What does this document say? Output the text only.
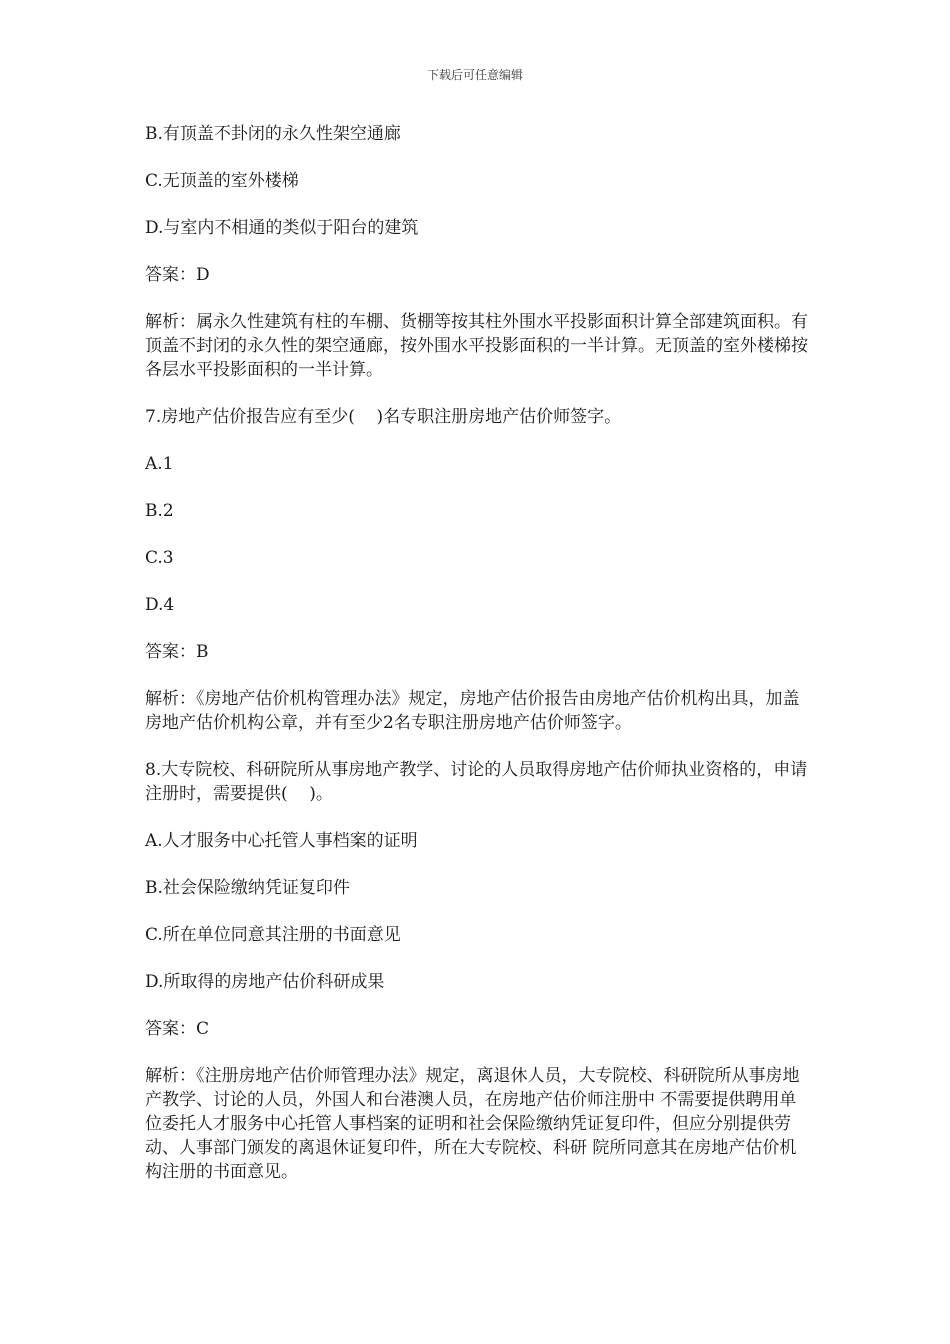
下载后可任意编辑

B.有顶盖不卦闭的永久性架空通廊

C.无顶盖的室外楼梯

D.与室内不相通的类似于阳台的建筑

答案：D

解析：属永久性建筑有柱的车棚、货棚等按其柱外围水平投影面积计算全部建筑面积。有顶盖不封闭的永久性的架空通廊，按外围水平投影面积的一半计算。无顶盖的室外楼梯按各层水平投影面积的一半计算。

7.房地产估价报告应有至少(    )名专职注册房地产估价师签字。

A.1

B.2

C.3

D.4

答案：B

解析：《房地产估价机构管理办法》规定，房地产估价报告由房地产估价机构出具，加盖房地产估价机构公章，并有至少2名专职注册房地产估价师签字。

8.大专院校、科研院所从事房地产教学、讨论的人员取得房地产估价师执业资格的，申请注册时，需要提供(    )。

A.人才服务中心托管人事档案的证明

B.社会保险缴纳凭证复印件

C.所在单位同意其注册的书面意见

D.所取得的房地产估价科研成果

答案：C

解析：《注册房地产估价师管理办法》规定，离退休人员，大专院校、科研院所从事房地产教学、讨论的人员，外国人和台港澳人员，在房地产估价师注册中 不需要提供聘用单位委托人才服务中心托管人事档案的证明和社会保险缴纳凭证复印件，但应分别提供劳动、人事部门颁发的离退休证复印件，所在大专院校、科研 院所同意其在房地产估价机构注册的书面意见。
